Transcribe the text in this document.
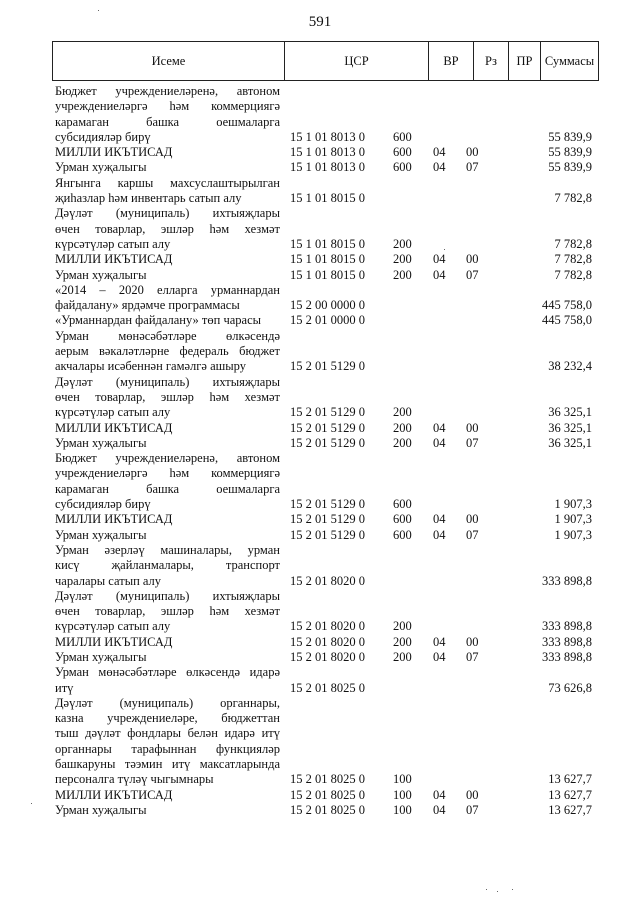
591
Исеме	ЦСР	ВР	Рз	ПР Суммасы
Бюджет учреждениеләренә, автоном
учреждениеләргә һәм коммерциягә
карамаган башка оешмаларга
субсидияләр бирү	15 1 01 8013 0 600	55 839,9
МИЛЛИ ИКЪТИСАД	15 1 01 8013 0 600 04 00	55 839,9
Урман хуҗалыгы	15 1 01 8013 0 600 04 07	55 839,9
Янгынга каршы махсуслаштырылган
җиһазлар һәм инвентарь сатып алу	15 1 01 8015 0	7 782,8
Дәүләт (муниципаль) ихтыяҗлары
өчен товарлар, эшләр һәм хезмәт
күрсәтүләр сатып алу	15 1 01 8015 0 200	7 782,8
МИЛЛИ ИКЪТИСАД	15 1 01 8015 0 200 04 00	7 782,8
Урман хуҗалыгы	15 1 01 8015 0 200 04 07	7 782,8
«2014 – 2020 елларга урманнардан
файдалану» ярдәмче программасы	15 2 00 0000 0	445 758,0
«Урманнардан файдалану» төп чарасы	15 2 01 0000 0	445 758,0
Урман мөнәсәбәтләре өлкәсендә
аерым вәкаләтләрне федераль бюджет
акчалары исәбеннән гамәлгә ашыру	15 2 01 5129 0	38 232,4
Дәүләт (муниципаль) ихтыяҗлары
өчен товарлар, эшләр һәм хезмәт
күрсәтүләр сатып алу	15 2 01 5129 0 200	36 325,1
МИЛЛИ ИКЪТИСАД	15 2 01 5129 0 200 04 00	36 325,1
Урман хуҗалыгы	15 2 01 5129 0 200 04 07	36 325,1
Бюджет учреждениеләренә, автоном
учреждениеләргә һәм коммерциягә
карамаган башка оешмаларга
субсидияләр бирү	15 2 01 5129 0 600	1 907,3
МИЛЛИ ИКЪТИСАД	15 2 01 5129 0 600 04 00	1 907,3
Урман хуҗалыгы	15 2 01 5129 0 600 04 07	1 907,3
Урман әзерләү машиналары, урман
кисү җайланмалары, транспорт
чаралары сатып алу	15 2 01 8020 0	333 898,8
Дәүләт (муниципаль) ихтыяҗлары
өчен товарлар, эшләр һәм хезмәт
күрсәтүләр сатып алу	15 2 01 8020 0 200	333 898,8
МИЛЛИ ИКЪТИСАД	15 2 01 8020 0 200 04 00	333 898,8
Урман хуҗалыгы	15 2 01 8020 0 200 04 07	333 898,8
Урман мөнәсәбәтләре өлкәсендә идарә
итү	15 2 01 8025 0	73 626,8
Дәүләт (муниципаль) органнары,
казна учреждениеләре, бюджеттан
тыш дәүләт фондлары белән идарә итү
органнары тарафыннан функцияләр
башкаруны тәэмин итү максатларында
персоналга түләү чыгымнары	15 2 01 8025 0 100	13 627,7
МИЛЛИ ИКЪТИСАД	15 2 01 8025 0 100 04 00	13 627,7
Урман хуҗалыгы	15 2 01 8025 0 100 04 07	13 627,7
